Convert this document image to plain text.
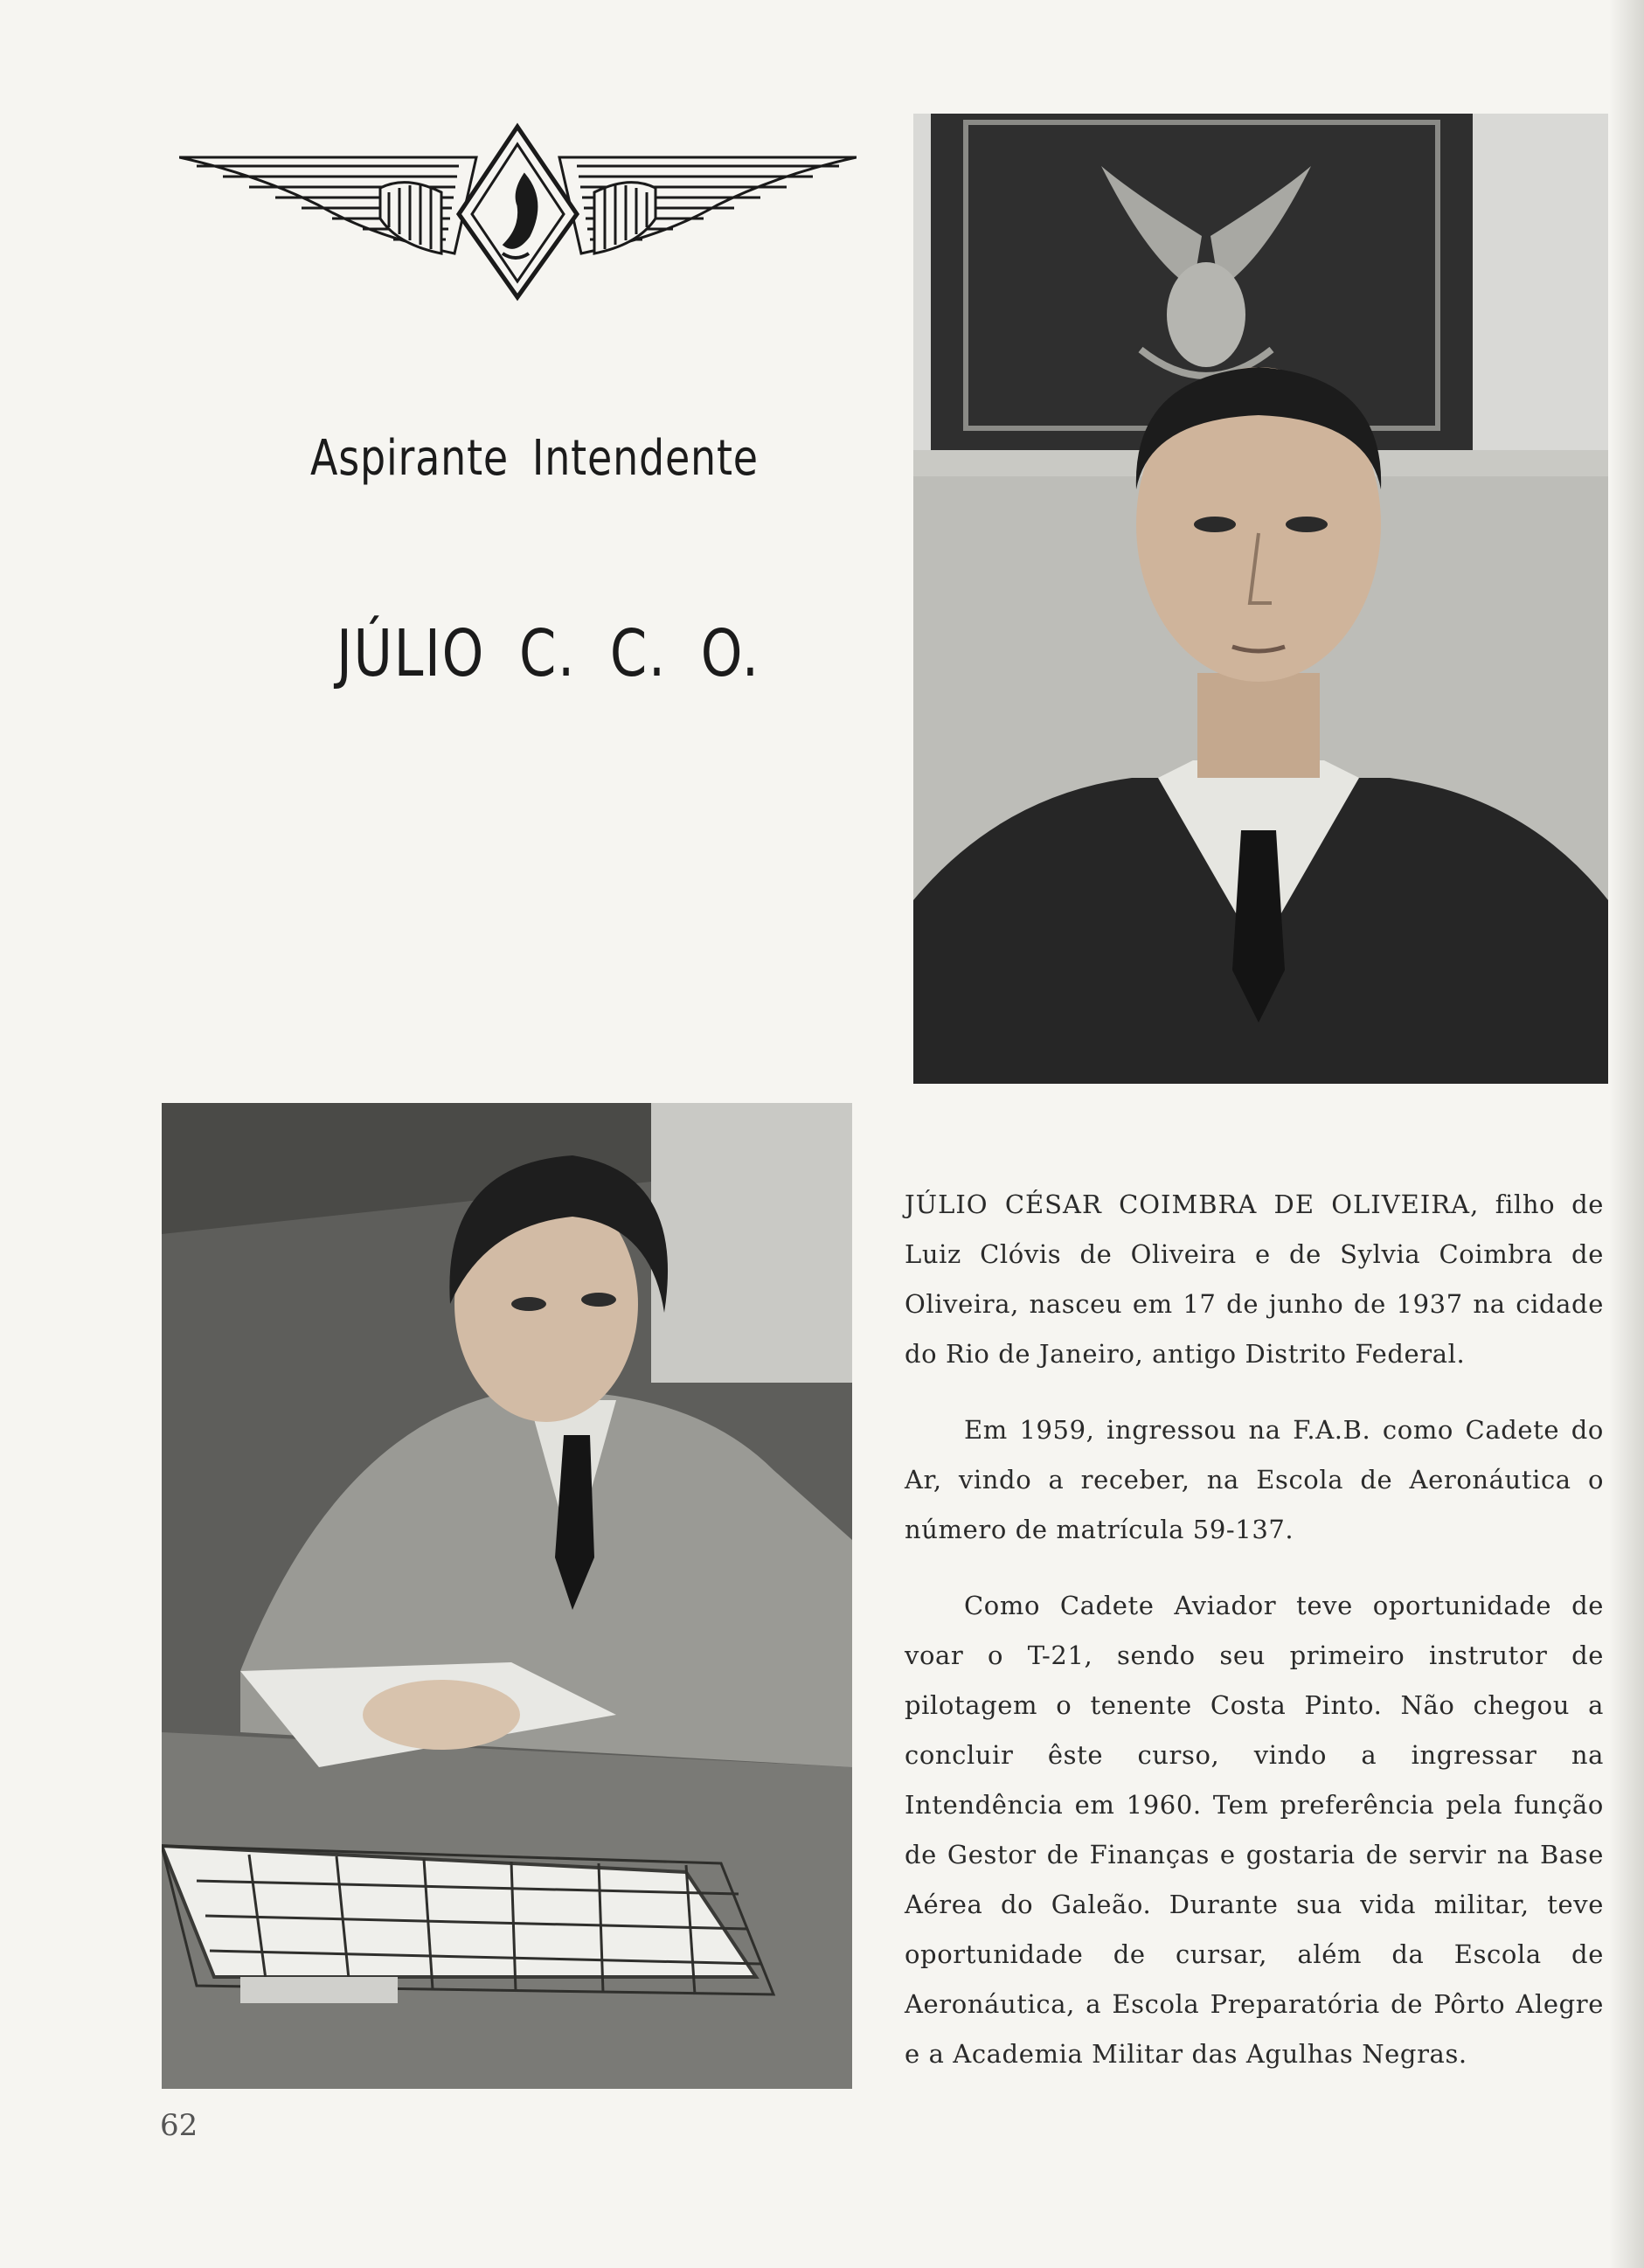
Aspirante Intendente
JÚLIO C. C. O.

JÚLIO CÉSAR COIMBRA DE OLIVEIRA, filho de Luiz Clóvis de Oliveira e de Sylvia Coimbra de Oliveira, nasceu em 17 de junho de 1937 na cidade do Rio de Janeiro, antigo Distrito Federal.

Em 1959, ingressou na F.A.B. como Cadete do Ar, vindo a receber, na Escola de Aeronáutica o número de matrícula 59-137.

Como Cadete Aviador teve oportunidade de voar o T-21, sendo seu primeiro instrutor de pilotagem o tenente Costa Pinto. Não chegou a concluir êste curso, vindo a ingressar na Intendência em 1960. Tem preferência pela função de Gestor de Finanças e gostaria de servir na Base Aérea do Galeão. Durante sua vida militar, teve oportunidade de cursar, além da Escola de Aeronáutica, a Escola Preparatória de Pôrto Alegre e a Academia Militar das Agulhas Negras.

62
